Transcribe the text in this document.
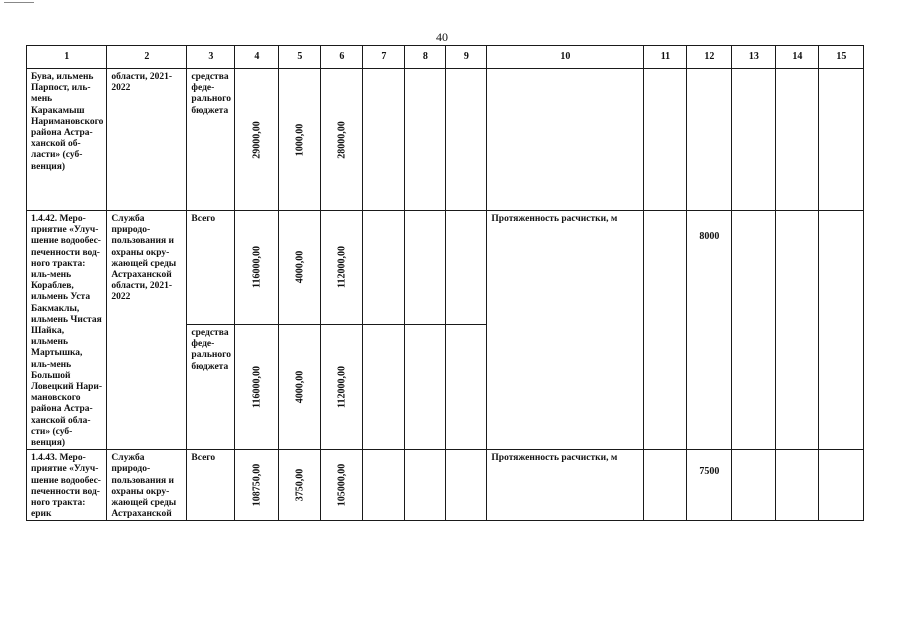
40
1	2	3	4	5	6	7	8	9	10	11	12	13	14	15

Бува, ильмень Парпост, иль-мень Каракамыш Наримановского района Астра-ханской об-ласти» (суб-венция)	области, 2021-2022	средства феде-рального бюджета	29000,00	1000,00	28000,00									

1.4.42. Меро-приятие «Улуч-шение водообес-печенности вод-ного тракта: иль-мень Кораблев, ильмень Уста Бакмаклы, ильмень Чистая Шайка, ильмень Мартышка, иль-мень Большой Ловецкий Нари-мановского района Астра-ханской обла-сти» (суб-венция)	Служба природо-пользования и охраны окру-жающей среды Астраханской области, 2021-2022	Всего	116000,00	4000,00	112000,00				Протяженность расчистки, м		8000			

		средства феде-рального бюджета	116000,00	4000,00	112000,00									

1.4.43. Меро-приятие «Улуч-шение водообес-печенности вод-ного тракта: ерик	Служба природо-пользования и охраны окру-жающей среды Астраханской	Всего	108750,00	3750,00	105000,00				Протяженность расчистки, м		7500			
